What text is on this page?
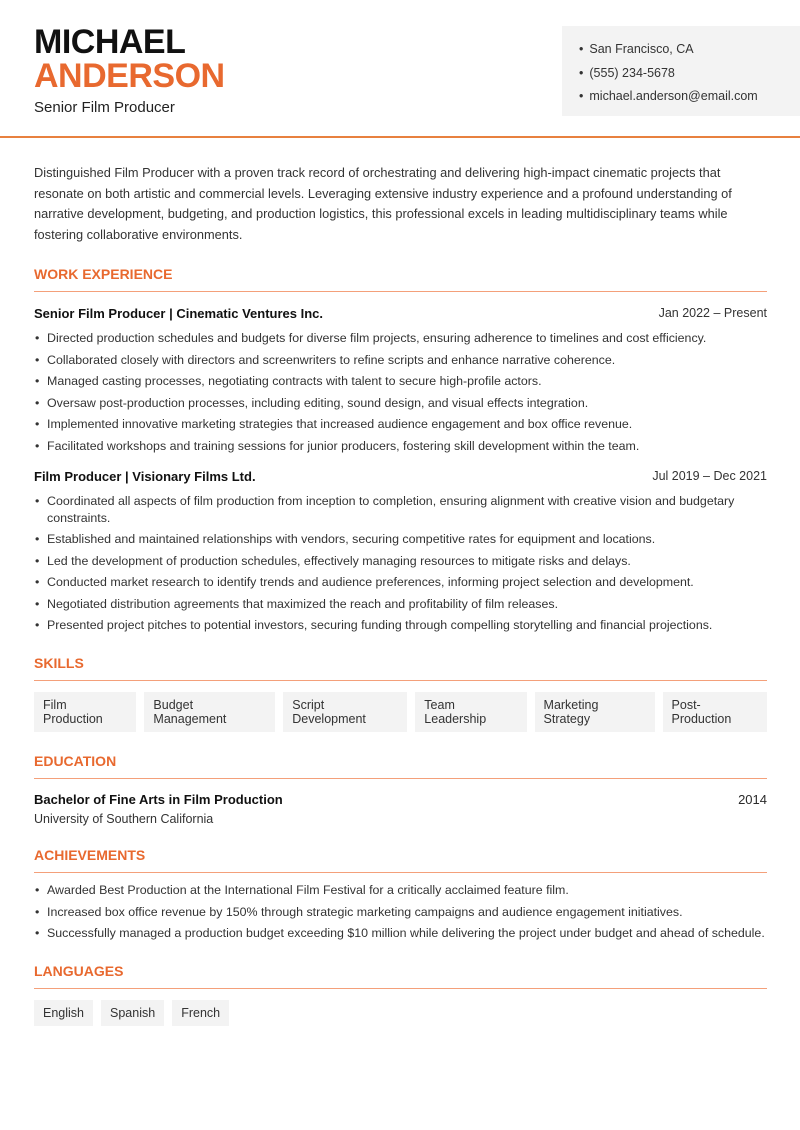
MICHAEL
ANDERSON
Senior Film Producer
• San Francisco, CA
• (555) 234-5678
• michael.anderson@email.com

Distinguished Film Producer with a proven track record of orchestrating and delivering high-impact cinematic projects that resonate on both artistic and commercial levels. Leveraging extensive industry experience and a profound understanding of narrative development, budgeting, and production logistics, this professional excels in leading multidisciplinary teams while fostering collaborative environments.

WORK EXPERIENCE
Senior Film Producer | Cinematic Ventures Inc.	Jan 2022 – Present
• Directed production schedules and budgets for diverse film projects, ensuring adherence to timelines and cost efficiency.
• Collaborated closely with directors and screenwriters to refine scripts and enhance narrative coherence.
• Managed casting processes, negotiating contracts with talent to secure high-profile actors.
• Oversaw post-production processes, including editing, sound design, and visual effects integration.
• Implemented innovative marketing strategies that increased audience engagement and box office revenue.
• Facilitated workshops and training sessions for junior producers, fostering skill development within the team.
Film Producer | Visionary Films Ltd.	Jul 2019 – Dec 2021
• Coordinated all aspects of film production from inception to completion, ensuring alignment with creative vision and budgetary constraints.
• Established and maintained relationships with vendors, securing competitive rates for equipment and locations.
• Led the development of production schedules, effectively managing resources to mitigate risks and delays.
• Conducted market research to identify trends and audience preferences, informing project selection and development.
• Negotiated distribution agreements that maximized the reach and profitability of film releases.
• Presented project pitches to potential investors, securing funding through compelling storytelling and financial projections.
SKILLS
Film Production
Budget Management
Script Development
Team Leadership
Marketing Strategy
Post-Production
EDUCATION
Bachelor of Fine Arts in Film Production	2014
University of Southern California
ACHIEVEMENTS
• Awarded Best Production at the International Film Festival for a critically acclaimed feature film.
• Increased box office revenue by 150% through strategic marketing campaigns and audience engagement initiatives.
• Successfully managed a production budget exceeding $10 million while delivering the project under budget and ahead of schedule.
LANGUAGES
English	Spanish	French
